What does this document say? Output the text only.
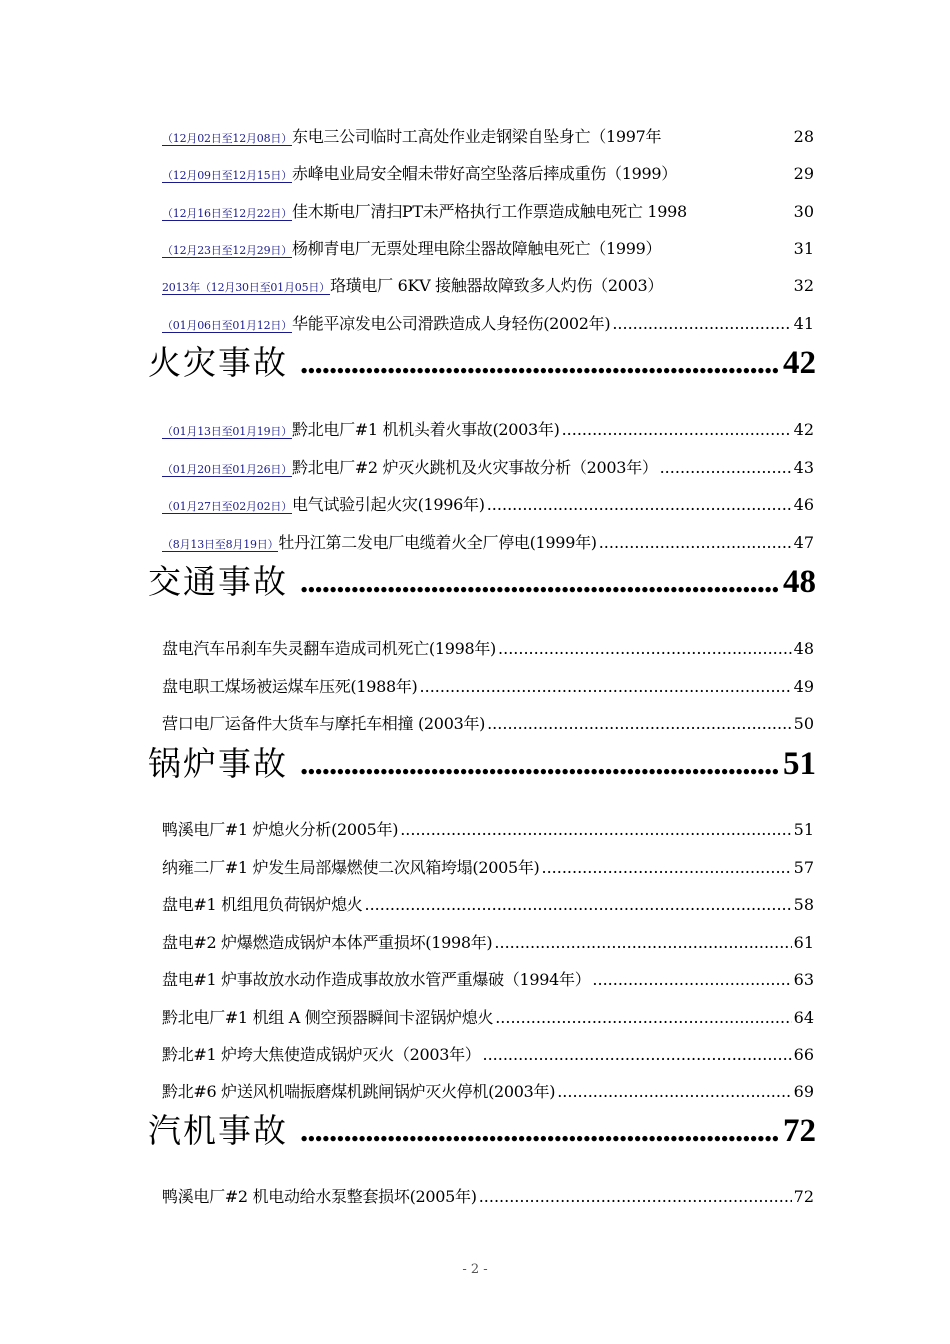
（12月02日至12月08日） 东电三公司临时工高处作业走钢梁自坠身亡（1997年	28
（12月09日至12月15日） 赤峰电业局安全帽未带好高空坠落后摔成重伤（1999）	29
（12月16日至12月22日） 佳木斯电厂清扫PT未严格执行工作票造成触电死亡 1998	30
（12月23日至12月29日） 杨柳青电厂无票处理电除尘器故障触电死亡（1999）	31
2013年（12月30日至01月05日） 珞璜电厂 6KV 接触器故障致多人灼伤（2003）	32
（01月06日至01月12日） 华能平凉发电公司滑跌造成人身轻伤(2002年) .....	41
火灾事故 .....	42
（01月13日至01月19日） 黔北电厂#1 机机头着火事故(2003年) .....	42
（01月20日至01月26日） 黔北电厂#2 炉灭火跳机及火灾事故分析（2003年） .....	43
（01月27日至02月02日） 电气试验引起火灾(1996年) .....	46
（8月13日至8月19日） 牡丹江第二发电厂电缆着火全厂停电(1999年) .....	47
交通事故 .....	48
盘电汽车吊刹车失灵翻车造成司机死亡(1998年) .....	48
盘电职工煤场被运煤车压死(1988年) .....	49
营口电厂运备件大货车与摩托车相撞 (2003年) .....	50
锅炉事故 .....	51
鸭溪电厂#1 炉熄火分析(2005年) .....	51
纳雍二厂#1 炉发生局部爆燃使二次风箱垮塌(2005年) .....	57
盘电#1 机组甩负荷锅炉熄火 .....	58
盘电#2 炉爆燃造成锅炉本体严重损坏(1998年) .....	61
盘电#1 炉事故放水动作造成事故放水管严重爆破（1994年） .....	63
黔北电厂#1 机组 A 侧空预器瞬间卡涩锅炉熄火 .....	64
黔北#1 炉垮大焦使造成锅炉灭火（2003年） .....	66
黔北#6 炉送风机喘振磨煤机跳闸锅炉灭火停机(2003年) .....	69
汽机事故 .....	72
鸭溪电厂#2 机电动给水泵整套损坏(2005年) .....	72
- 2 -
